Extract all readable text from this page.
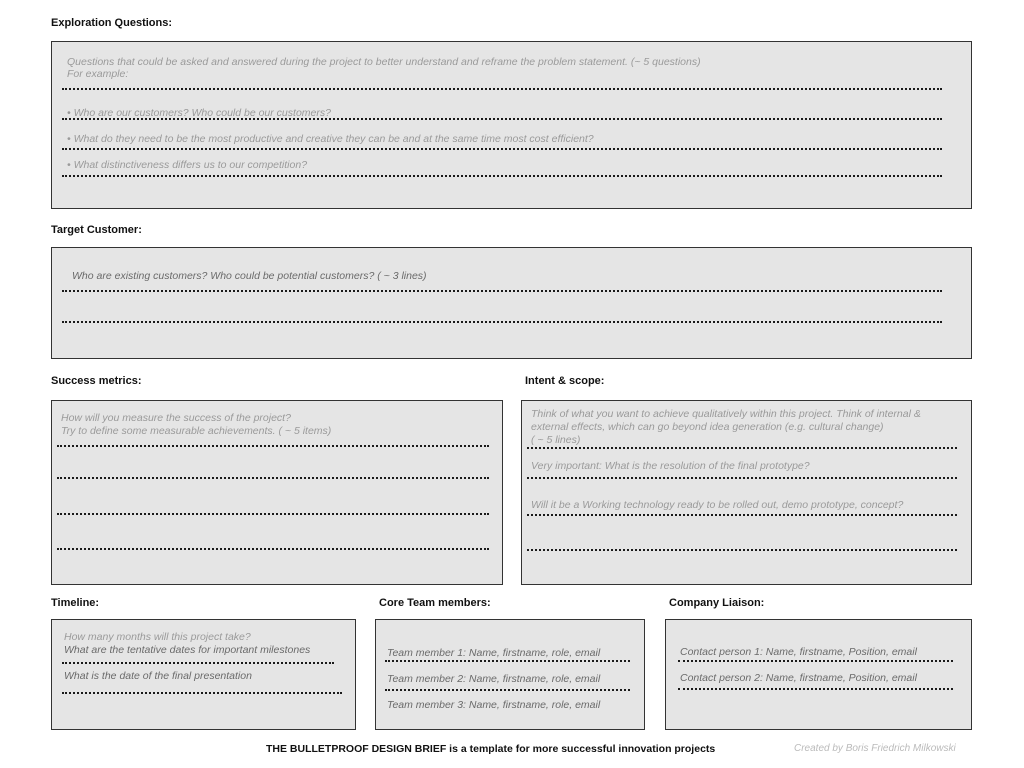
Exploration Questions:
Questions that could be asked and answered during the project to better understand and reframe the problem statement. (~ 5 questions)
For example:
• Who are our customers? Who could be our customers?
• What do they need to be the most productive and creative they can be and at the same time most cost efficient?
• What distinctiveness differs us to our competition?
Target Customer:
Who are existing customers? Who could be potential customers? ( ~ 3 lines)
Success metrics:
How will you measure the success of the project?
Try to define some measurable achievements. ( ~ 5 items)
Intent & scope:
Think of what you want to achieve qualitatively within this project. Think of internal &
external effects, which can go beyond idea generation (e.g. cultural change)
( ~ 5 lines)
Very important: What is the resolution of the final prototype?
Will it be a Working technology ready to be rolled out, demo prototype, concept?
Timeline:
How many months will this project take?
What are the tentative dates for important milestones
What is the date of the final presentation
Core Team members:
Team member 1: Name, firstname, role, email
Team member 2: Name, firstname, role, email
Team member 3: Name, firstname, role, email
Company Liaison:
Contact person 1: Name, firstname, Position, email
Contact person 2: Name, firstname, Position, email
THE BULLETPROOF DESIGN BRIEF is a template for more successful innovation projects	Created by Boris Friedrich Milkowski
